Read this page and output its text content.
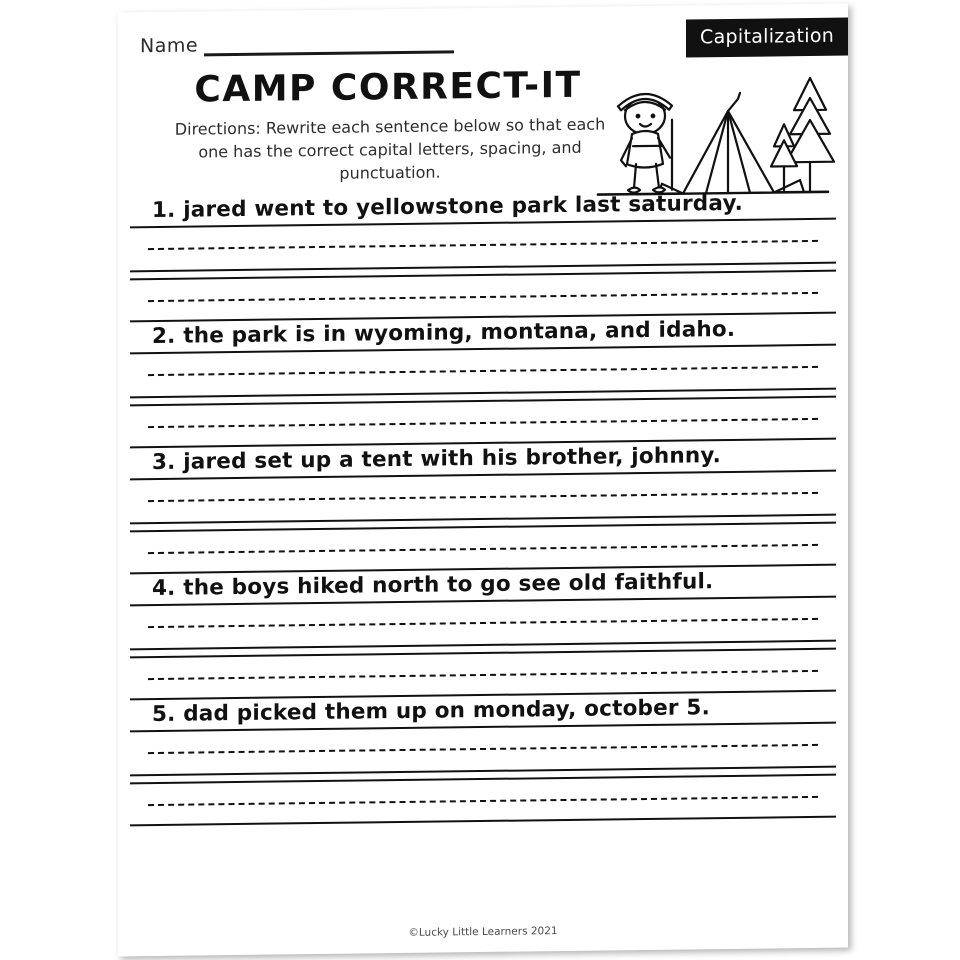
Name	Capitalization
CAMP CORRECT-IT
Directions: Rewrite each sentence below so that each one has the correct capital letters, spacing, and punctuation.
1. jared went to yellowstone park last saturday.
2. the park is in wyoming, montana, and idaho.
3. jared set up a tent with his brother, johnny.
4. the boys hiked north to go see old faithful.
5. dad picked them up on monday, october 5.
©Lucky Little Learners 2021
